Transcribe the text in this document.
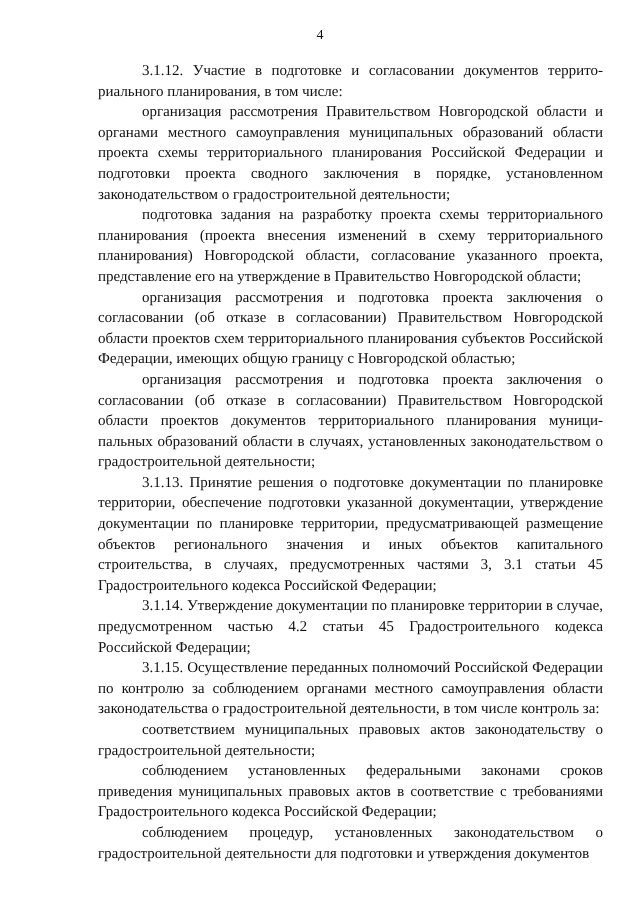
4

3.1.12. Участие в подготовке и согласовании документов территориального планирования, в том числе:

организация рассмотрения Правительством Новгородской области и органами местного самоуправления муниципальных образований области проекта схемы территориального планирования Российской Федерации и подготовки проекта сводного заключения в порядке, установленном законодательством о градостроительной деятельности;

подготовка задания на разработку проекта схемы территориального планирования (проекта внесения изменений в схему территориального планирования) Новгородской области, согласование указанного проекта, представление его на утверждение в Правительство Новгородской области;

организация рассмотрения и подготовка проекта заключения о согласовании (об отказе в согласовании) Правительством Новгородской области проектов схем территориального планирования субъектов Российской Федерации, имеющих общую границу с Новгородской областью;

организация рассмотрения и подготовка проекта заключения о согласовании (об отказе в согласовании) Правительством Новгородской области проектов документов территориального планирования муниципальных образований области в случаях, установленных законодательством о градостроительной деятельности;

3.1.13. Принятие решения о подготовке документации по планировке территории, обеспечение подготовки указанной документации, утверждение документации по планировке территории, предусматривающей размещение объектов регионального значения и иных объектов капитального строительства, в случаях, предусмотренных частями 3, 3.1 статьи 45 Градостроительного кодекса Российской Федерации;

3.1.14. Утверждение документации по планировке территории в случае, предусмотренном частью 4.2 статьи 45 Градостроительного кодекса Российской Федерации;

3.1.15. Осуществление переданных полномочий Российской Федерации по контролю за соблюдением органами местного самоуправления области законодательства о градостроительной деятельности, в том числе контроль за:

соответствием муниципальных правовых актов законодательству о градостроительной деятельности;

соблюдением установленных федеральными законами сроков приведения муниципальных правовых актов в соответствие с требованиями Градостроительного кодекса Российской Федерации;

соблюдением процедур, установленных законодательством о градостроительной деятельности для подготовки и утверждения документов
